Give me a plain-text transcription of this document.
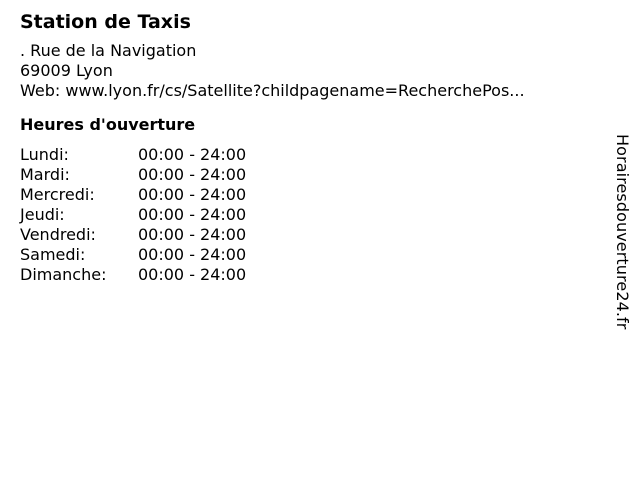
Station de Taxis
. Rue de la Navigation
69009 Lyon
Web: www.lyon.fr/cs/Satellite?childpagename=RecherchePos...
Heures d'ouverture
Lundi:	00:00 - 24:00
Mardi:	00:00 - 24:00
Mercredi:	00:00 - 24:00
Jeudi:	00:00 - 24:00
Vendredi:	00:00 - 24:00
Samedi:	00:00 - 24:00
Dimanche:	00:00 - 24:00	Horairesdouverture24.fr
